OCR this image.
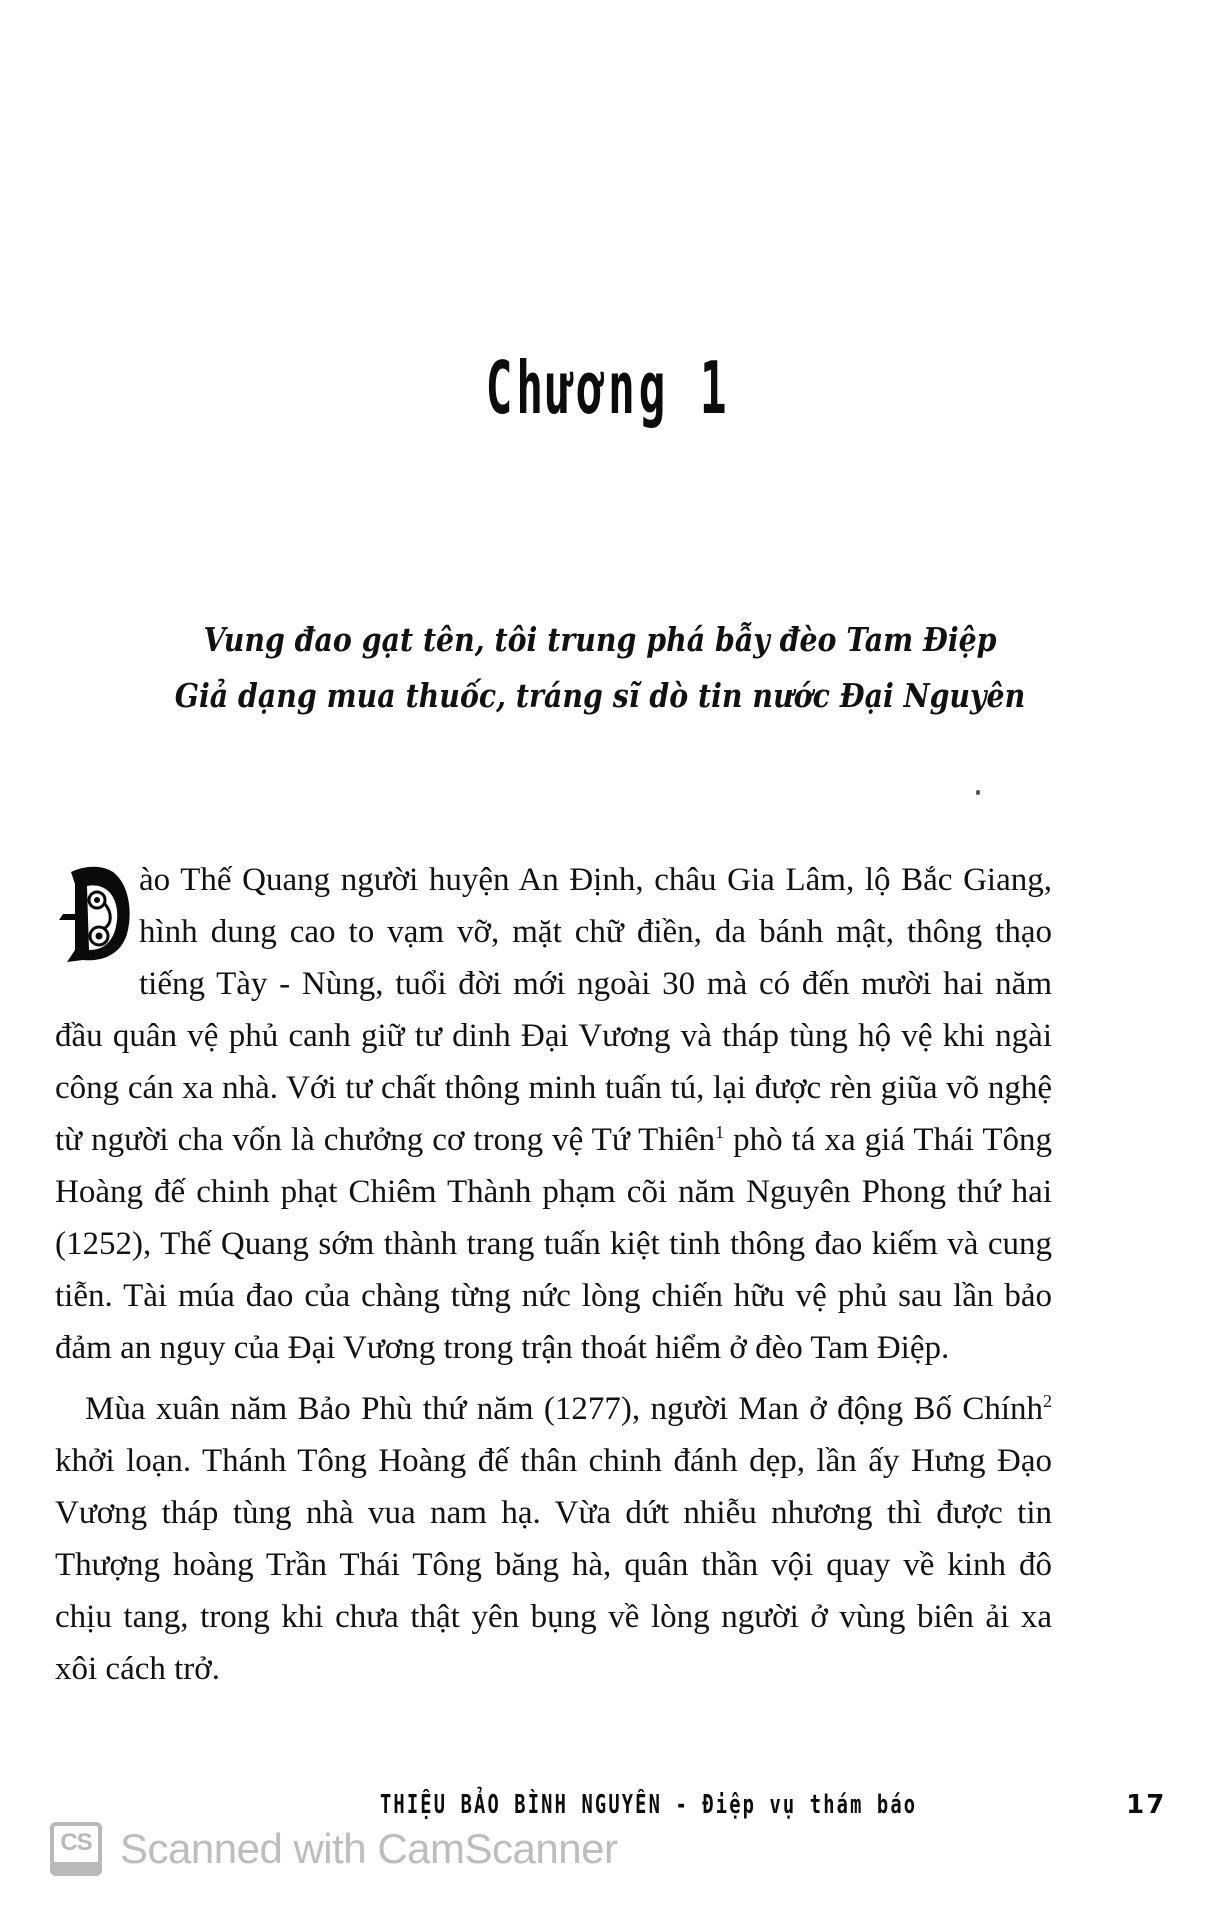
Chương 1
Vung đao gạt tên, tôi trung phá bẫy đèo Tam Điệp
Giả dạng mua thuốc, tráng sĩ dò tin nước Đại Nguyên

ào Thế Quang người huyện An Định, châu Gia Lâm, lộ Bắc Giang, hình dung cao to vạm vỡ, mặt chữ điền, da bánh mật, thông thạo tiếng Tày - Nùng, tuổi đời mới ngoài 30 mà có đến mười hai năm đầu quân vệ phủ canh giữ tư dinh Đại Vương và tháp tùng hộ vệ khi ngài công cán xa nhà. Với tư chất thông minh tuấn tú, lại được rèn giũa võ nghệ từ người cha vốn là chưởng cơ trong vệ Tứ Thiên$^1$ phò tá xa giá Thái Tông Hoàng đế chinh phạt Chiêm Thành phạm cõi năm Nguyên Phong thứ hai (1252), Thế Quang sớm thành trang tuấn kiệt tinh thông đao kiếm và cung tiễn. Tài múa đao của chàng từng nức lòng chiến hữu vệ phủ sau lần bảo đảm an nguy của Đại Vương trong trận thoát hiểm ở đèo Tam Điệp.

Mùa xuân năm Bảo Phù thứ năm (1277), người Man ở động Bố Chính$^2$ khởi loạn. Thánh Tông Hoàng đế thân chinh đánh dẹp, lần ấy Hưng Đạo Vương tháp tùng nhà vua nam hạ. Vừa dứt nhiễu nhương thì được tin Thượng hoàng Trần Thái Tông băng hà, quân thần vội quay về kinh đô chịu tang, trong khi chưa thật yên bụng về lòng người ở vùng biên ải xa xôi cách trở.

THIỆU BẢO BÌNH NGUYÊN - Điệp vụ thám báo	17
CS Scanned with CamScanner
